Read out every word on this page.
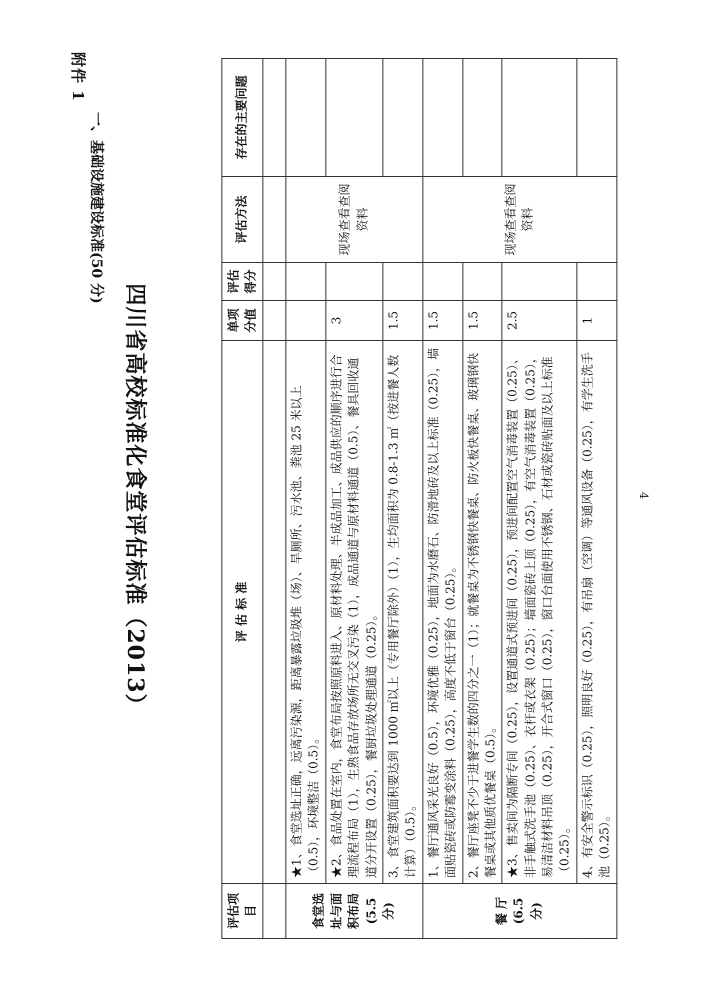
附件 1
四川省高校标准化食堂评估标准（2013）
一、基础设施建设标准(50 分)
评估项目	评 估 标 准	单项分值	评估得分	评估方法	存在的主要问题

食堂选址与面积布局(5.5 分)	★1、食堂选址正确，远离污染源，距离暴露垃圾堆（场）、旱厕所、污水池、粪池 25 米以上（0.5），环境整洁（0.5）。			现场查看查阅资料	
	★2、食品处置在室内，食堂布局按照原料进入、原材料处理、半成品加工、成品供应的顺序进行合理流程布局（1），生熟食品存放场所无交叉污染（1），成品通道与原材料通道（0.5）、餐具回收通道分开设置（0.25），餐厨垃圾处理通道（0.25）。	3			
	3、食堂建筑面积要达到 1000 ㎡以上（专用餐厅除外）（1），生均面积为 0.8-1.3 ㎡（按进餐人数计算）（0.5）。	1.5			
餐 厅(6.5 分)	1、餐厅通风采光良好（0.5），环境优雅（0.25），地面为水磨石、防滑地砖及以上标准（0.25），墙面贴瓷砖或防霉变涂料（0.25），高度不低于窗台（0.25）。	1.5		现场查看查阅资料	
	2、餐厅座凳不少于进餐学生数的四分之一（1）；就餐桌为不锈钢快餐桌、防火板快餐桌、玻璃钢快餐桌或其他质优餐桌（0.5）。	1.5			
	★3、售卖间为隔断专间（0.25），设置通道式预进间（0.25），预进间配置空气消毒装置（0.25）、非手触式洗手池（0.25）、衣杆或衣架（0.25）；墙面瓷砖上顶（0.25），有空气消毒装置（0.25），易清洁材料吊顶（0.25），开合式窗口（0.25），窗口台面使用不锈钢、石材或瓷砖贴面及以上标准（0.25）。	2.5			
	4、有安全警示标识（0.25），照明良好（0.25），有吊扇（空调）等通风设备（0.25），有学生洗手池（0.25）。	1			
4
